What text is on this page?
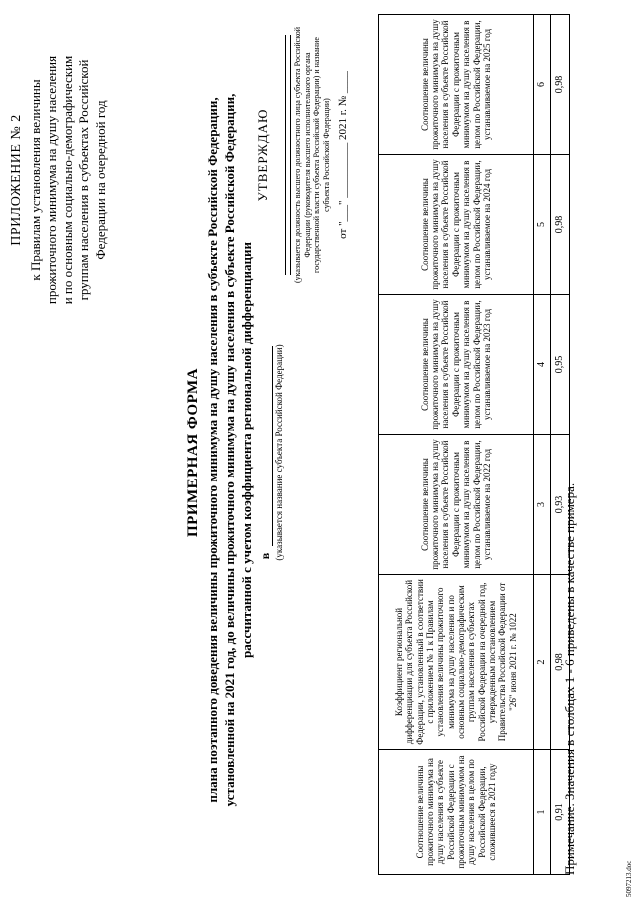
ПРИЛОЖЕНИЕ № 2 к Правилам установления величины прожиточного минимума на душу населения и по основным социально-демографическим группам населения в субъектах Российской Федерации на очередной год
ПРИМЕРНАЯ ФОРМА плана поэтапного доведения величины прожиточного минимума на душу населения в субъекте Российской Федерации, установленной на 2021 год, до величины прожиточного минимума на душу населения в субъекте Российской Федерации, рассчитанной с учетом коэффициента региональной дифференциации в (указывается название субъекта Российской Федерации)
УТВЕРЖДАЮ	(указывается должность высшего должностного лица субъекта Российской Федерации (руководителя высшего исполнительного органа государственной власти субъекта Российской Федерации) и название субъекта Российской Федерации) от "___" __________ 2021 г. № ____
Соотношение величины прожиточного минимума на душу населения в субъекте Российской Федерации с прожиточным минимумом на душу населения в целом по Российской Федерации, сложившееся в 2021 году	Коэффициент региональной дифференциации для субъекта Российской Федерации, установленный в соответствии с приложением № 1 к Правилам установления величины прожиточного минимума на душу населения и по основным социально-демографическим группам населения в субъектах Российской Федерации на очередной год, утвержденным постановлением Правительства Российской Федерации от "26" июня 2021 г. № 1022	Соотношение величины прожиточного минимума на душу населения в субъекте Российской Федерации с прожиточным минимумом на душу населения в целом по Российской Федерации, устанавливаемое на 2022 год	Соотношение величины прожиточного минимума на душу населения в субъекте Российской Федерации с прожиточным минимумом на душу населения в целом по Российской Федерации, устанавливаемое на 2023 год	Соотношение величины прожиточного минимума на душу населения в субъекте Российской Федерации с прожиточным минимумом на душу населения в целом по Российской Федерации, устанавливаемое на 2024 год	Соотношение величины прожиточного минимума на душу населения в субъекте Российской Федерации с прожиточным минимумом на душу населения в целом по Российской Федерации, устанавливаемое на 2025 год
1	2	3	4	5	6
0,91	0,98	0,93	0,95	0,98	0,98
Примечание. Значения в столбцах 1 - 6 приведены в качестве примера.
5097213.doc
